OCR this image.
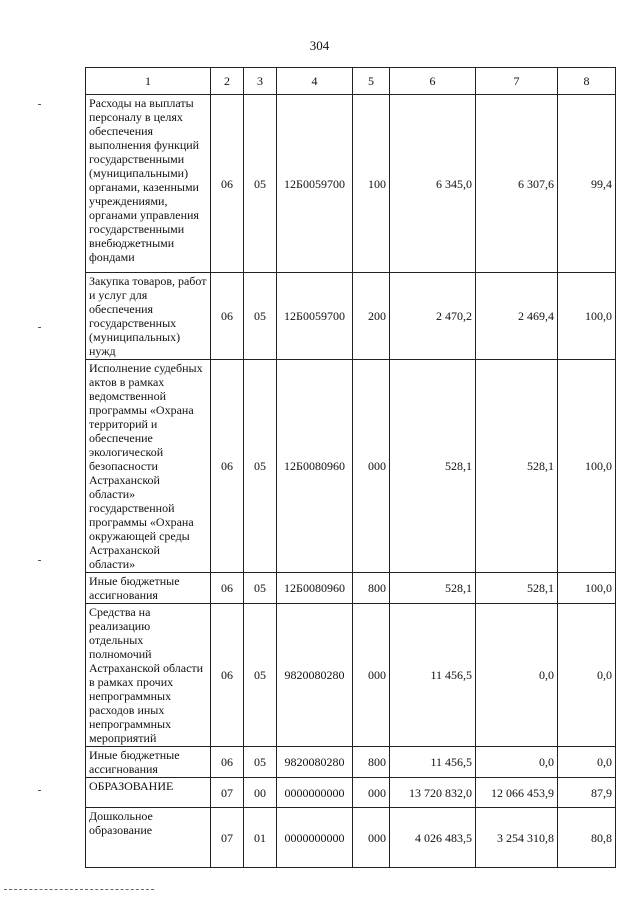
304
1	2	3	4	5	6	7	8
Расходы на выплаты персоналу в целях обеспечения выполнения функций государственными (муниципальными) органами, казенными учреждениями, органами управления государственными внебюджетными фондами	06	05	12Б0059700	100	6 345,0	6 307,6	99,4
Закупка товаров, работ и услуг для обеспечения государственных (муниципальных) нужд	06	05	12Б0059700	200	2 470,2	2 469,4	100,0
Исполнение судебных актов в рамках ведомственной программы «Охрана территорий и обеспечение экологической безопасности Астраханской области» государственной программы «Охрана окружающей среды Астраханской области»	06	05	12Б0080960	000	528,1	528,1	100,0
Иные бюджетные ассигнования	06	05	12Б0080960	800	528,1	528,1	100,0
Средства на реализацию отдельных полномочий Астраханской области в рамках прочих непрограммных расходов иных непрограммных мероприятий	06	05	9820080280	000	11 456,5	0,0	0,0
Иные бюджетные ассигнования	06	05	9820080280	800	11 456,5	0,0	0,0
ОБРАЗОВАНИЕ	07	00	0000000000	000	13 720 832,0	12 066 453,9	87,9
Дошкольное образование	07	01	0000000000	000	4 026 483,5	3 254 310,8	80,8
